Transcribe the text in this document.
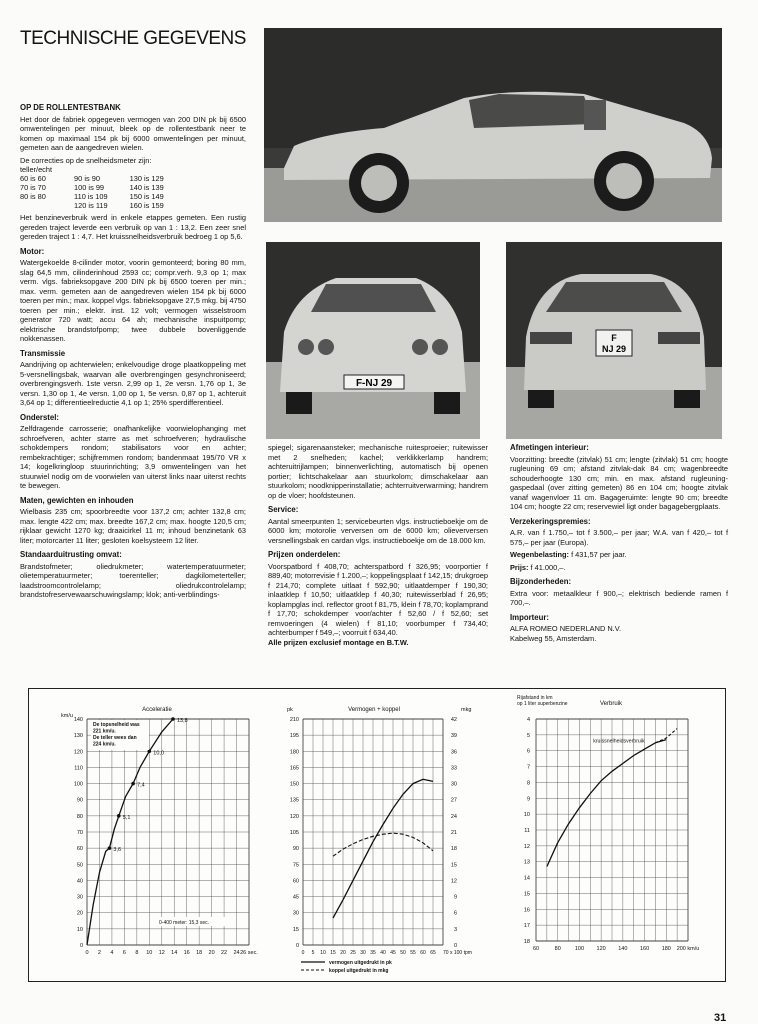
TECHNISCHE GEGEVENS
OP DE ROLLENTESTBANK

Het door de fabriek opgegeven vermogen van 200 DIN pk bij 6500 omwentelingen per minuut, bleek op de rollentestbank neer te komen op maximaal 154 pk bij 6000 omwentelingen per minuut, gemeten aan de aangedreven wielen.

De correcties op de snelheidsmeter zijn:

teller/echt		
60 is 60	90 is 90	130 is 129
70 is 70	100 is 99	140 is 139
80 is 80	110 is 109	150 is 149
	120 is 119	160 is 159

Het benzineverbruik werd in enkele etappes gemeten. Een rustig gereden traject leverde een verbruik op van 1 : 13,2. Een zeer snel gereden traject 1 : 4,7. Het kruissnelheidsverbruik bedroeg 1 op 5,6.

Motor:

Watergekoelde 8-cilinder motor, voorin gemonteerd; boring 80 mm, slag 64,5 mm, cilinderinhoud 2593 cc; compr.verh. 9,3 op 1; max verm. vlgs. fabrieksopgave 200 DIN pk bij 6500 toeren per min.; max. verm. gemeten aan de aangedreven wielen 154 pk bij 6000 toeren per min.; max. koppel vlgs. fabrieksopgave 27,5 mkg. bij 4750 toeren per min.; elektr. inst. 12 volt; vermogen wisselstroom generator 720 watt; accu 64 ah; mechanische inspuitpomp; elektrische brandstofpomp; twee dubbele bovenliggende nokkenassen.

Transmissie

Aandrijving op achterwielen; enkelvoudige droge plaatkoppeling met 5-versnellingsbak, waarvan alle overbrengingen gesynchroniseerd; overbrengingsverh. 1ste versn. 2,99 op 1, 2e versn. 1,76 op 1, 3e versn. 1,30 op 1, 4e versn. 1,00 op 1, 5e versn. 0,87 op 1, achteruit 3,64 op 1; differentieelreductie 4,1 op 1; 25% sperdifferentieel.

Onderstel:

Zelfdragende carrosserie; onafhankelijke voorwielophanging met schroefveren, achter starre as met schroefveren; hydraulische schokdempers rondom; stabilisators voor en achter; rembekrachtiger; schijfremmen rondom; bandenmaat 195/70 VR x 14; kogelkringloop stuurinrichting; 3,9 omwentelingen van het stuurwiel nodig om de voorwielen van uiterst links naar uiterst rechts te bewegen.

Maten, gewichten en inhouden

Wielbasis 235 cm; spoorbreedte voor 137,2 cm; achter 132,8 cm; max. lengte 422 cm; max. breedte 167,2 cm; max. hoogte 120,5 cm; rijklaar gewicht 1270 kg; draaicirkel 11 m; inhoud benzinetank 63 liter; motorcarter 11 liter; gesloten koelsysteem 12 liter.

Standaarduitrusting omvat:

Brandstofmeter; oliedrukmeter; watertemperatuurmeter; olietemperatuurmeter; toerenteller; dagkilometerteller; laadstroomcontrolelamp; oliedrukcontrolelamp; brandstofreservewaarschuwingslamp; klok; anti-verblindings-

F-NJ 29
F
NJ 29

spiegel; sigarenaansteker; mechanische ruitesproeier; ruitewisser met 2 snelheden; kachel; verklikkerlamp handrem; achteruitrijlampen; binnenverlichting, automatisch bij openen portier; lichtschakelaar aan stuurkolom; dimschakelaar aan stuurkolom; noodknipperinstallatie; achterruitverwarming; handrem op de vloer; hoofdsteunen.

Service:

Aantal smeerpunten 1; servicebeurten vlgs. instructieboekje om de 6000 km; motorolie verversen om de 6000 km; olieverversen versnellingsbak en cardan vlgs. instructieboekje om de 18.000 km.

Prijzen onderdelen:

Voorspatbord f 408,70; achterspatbord f 326,95; voorportier f 889,40; motorrevisie f 1.200,–; koppelingsplaat f 142,15; drukgroep f 214,70; complete uitlaat f 592,90; uitlaatdemper f 190,30; inlaatklep f 10,50; uitlaatklep f 40,30; ruitewisserblad f 26,95; koplampglas incl. reflector groot f 81,75, klein f 78,70; koplamprand f 17,70; schokdemper voor/achter f 52,60 / f 52,60; set remvoeringen (4 wielen) f 81,10; voorbumper f 734,40; achterbumper f 549,–; voorruit f 634,40.

Alle prijzen exclusief montage en B.T.W.

Afmetingen interieur:

Voorzitting: breedte (zitvlak) 51 cm; lengte (zitvlak) 51 cm; hoogte rugleuning 69 cm; afstand zitvlak-dak 84 cm; wagenbreedte schouderhoogte 130 cm; min. en max. afstand rugleuning-gaspedaal (over zitting gemeten) 86 en 104 cm; hoogte zitvlak vanaf wagenvloer 11 cm. Bagageruimte: lengte 90 cm; breedte 104 cm; hoogte 22 cm; reservewiel ligt onder bagagebergplaats.

Verzekeringspremies:

A.R. van f 1.750,– tot f 3.500,– per jaar; W.A. van f 420,– tot f 575,– per jaar (Europa).

Wegenbelasting: f 431,57 per jaar.

Prijs: f 41.000,–.

Bijzonderheden:

Extra voor: metaalkleur f 900,–; elektrisch bediende ramen f 700,–.

Importeur:

ALFA ROMEO NEDERLAND N.V.

Kabelweg 55, Amsterdam.

Acceleratie
km/u
0
10
20
30
40
50
60
70
80
90
100
110
120
130
140
0 2 4 6 8 10 12 14 16 18 20 22 24 26 sec.
3,6
5,1
7,4
10,0
13,8
De topsnelheid was
221 km/u.
De teller wees dan
224 km/u.
0-400 meter: 15,3 sec.
Vermogen + koppel
pk	mkg
0
15
30
45
60
75
90
105
120
135
150
165
180
195
210
0
3
6
9
12
15
18
21
24
27
30
33
36
39
42
0 5 10 15 20 25 30 35 40 45 50 55 60 65 70 x 100 tpm
vermogen uitgedrukt in pk
koppel uitgedrukt in mkg
Verbruik
Rijafstand in km
op 1 liter superbenzine
4
5
6
7
8
9
10
11
12
13
14
15
16
17
18
60	80	100 120 140 160 180 200 km/u
kruissnelheidsverbruik
31
